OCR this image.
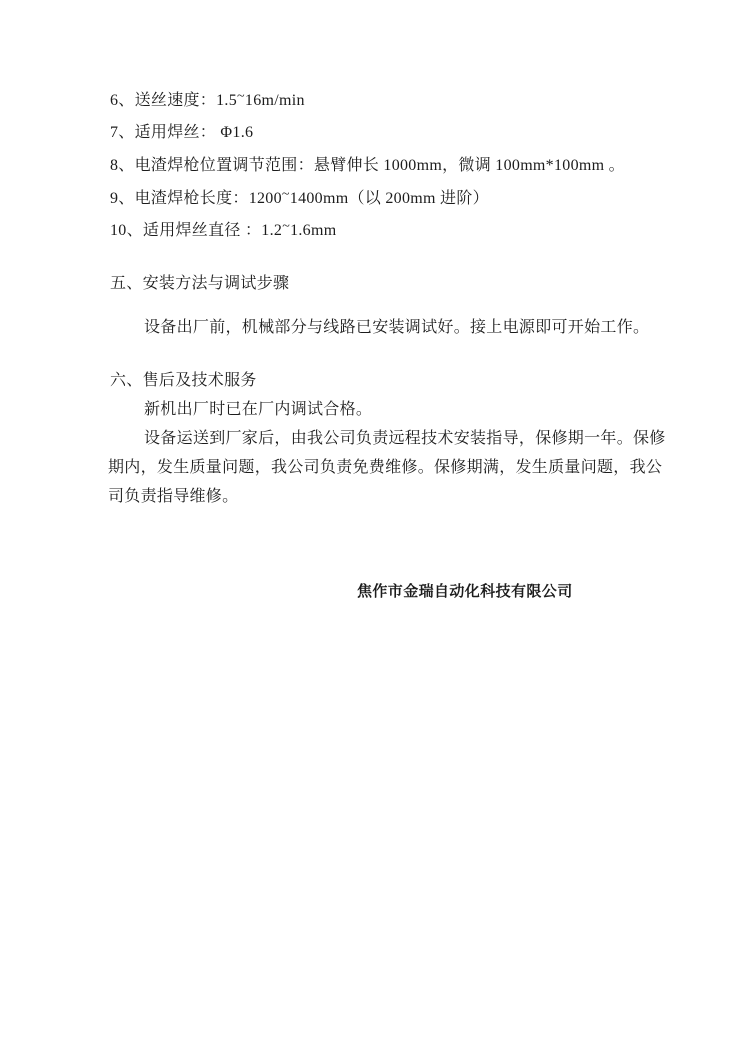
6、送丝速度：1.5~16m/min
7、适用焊丝： Φ1.6
8、电渣焊枪位置调节范围：悬臂伸长 1000mm，微调 100mm*100mm 。
9、电渣焊枪长度：1200~1400mm（以 200mm 进阶）
10、适用焊丝直径 ：1.2~1.6mm
五、安装方法与调试步骤
设备出厂前，机械部分与线路已安装调试好。接上电源即可开始工作。
六、售后及技术服务
新机出厂时已在厂内调试合格。
设备运送到厂家后，由我公司负责远程技术安装指导，保修期一年。保修
期内，发生质量问题，我公司负责免费维修。保修期满，发生质量问题，我公
司负责指导维修。
焦作市金瑞自动化科技有限公司
